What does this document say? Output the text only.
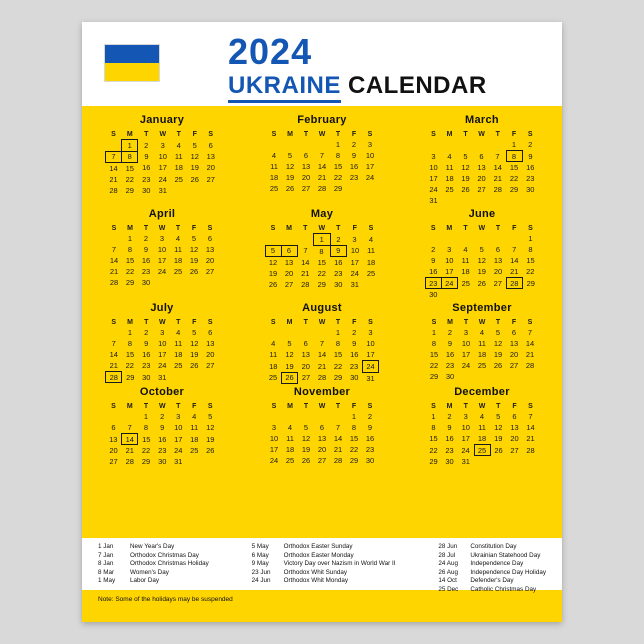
2024
UKRAINE CALENDAR
January
S	M	T	W	T	F	S
	1	2	3	4	5	6
7	8	9	10	11	12	13
14	15	16	17	18	19	20
21	22	23	24	25	26	27
28	29	30	31			
February
S	M	T	W	T	F	S
				1	2	3
4	5	6	7	8	9	10
11	12	13	14	15	16	17
18	19	20	21	22	23	24
25	26	27	28	29		
March
S	M	T	W	T	F	S
					1	2
3	4	5	6	7	8	9
10	11	12	13	14	15	16
17	18	19	20	21	22	23
24	25	26	27	28	29	30
31						
April
S	M	T	W	T	F	S
	1	2	3	4	5	6
7	8	9	10	11	12	13
14	15	16	17	18	19	20
21	22	23	24	25	26	27
28	29	30				
May
S	M	T	W	T	F	S
			1	2	3	4
5	6	7	8	9	10	11
12	13	14	15	16	17	18
19	20	21	22	23	24	25
26	27	28	29	30	31	
June
S	M	T	W	T	F	S
						1
2	3	4	5	6	7	8
9	10	11	12	13	14	15
16	17	18	19	20	21	22
23	24	25	26	27	28	29
30						
July
S	M	T	W	T	F	S
	1	2	3	4	5	6
7	8	9	10	11	12	13
14	15	16	17	18	19	20
21	22	23	24	25	26	27
28	29	30	31			
August
S	M	T	W	T	F	S
				1	2	3
4	5	6	7	8	9	10
11	12	13	14	15	16	17
18	19	20	21	22	23	24
25	26	27	28	29	30	31
September
S	M	T	W	T	F	S
1	2	3	4	5	6	7
8	9	10	11	12	13	14
15	16	17	18	19	20	21
22	23	24	25	26	27	28
29	30					
October
S	M	T	W	T	F	S
		1	2	3	4	5
6	7	8	9	10	11	12
13	14	15	16	17	18	19
20	21	22	23	24	25	26
27	28	29	30	31		
November
S	M	T	W	T	F	S
					1	2
3	4	5	6	7	8	9
10	11	12	13	14	15	16
17	18	19	20	21	22	23
24	25	26	27	28	29	30
December
S	M	T	W	T	F	S
1	2	3	4	5	6	7
8	9	10	11	12	13	14
15	16	17	18	19	20	21
22	23	24	25	26	27	28
29	30	31				
1 Jan	New Year's Day
7 Jan	Orthodox Christmas Day
8 Jan	Orthodox Christmas Holiday
8 Mar	Women's Day
1 May	Labor Day
5 May	Orthodox Easter Sunday
6 May	Orthodox Easter Monday
9 May	Victory Day over Nazism in World War II
23 Jun	Orthodox Whit Sunday
24 Jun	Orthodox Whit Monday
28 Jun	Constitution Day
28 Jul	Ukrainian Statehood Day
24 Aug	Independence Day
26 Aug	Independence Day Holiday
14 Oct	Defender's Day
25 Dec	Catholic Christmas Day
Note: Some of the holidays may be suspended
